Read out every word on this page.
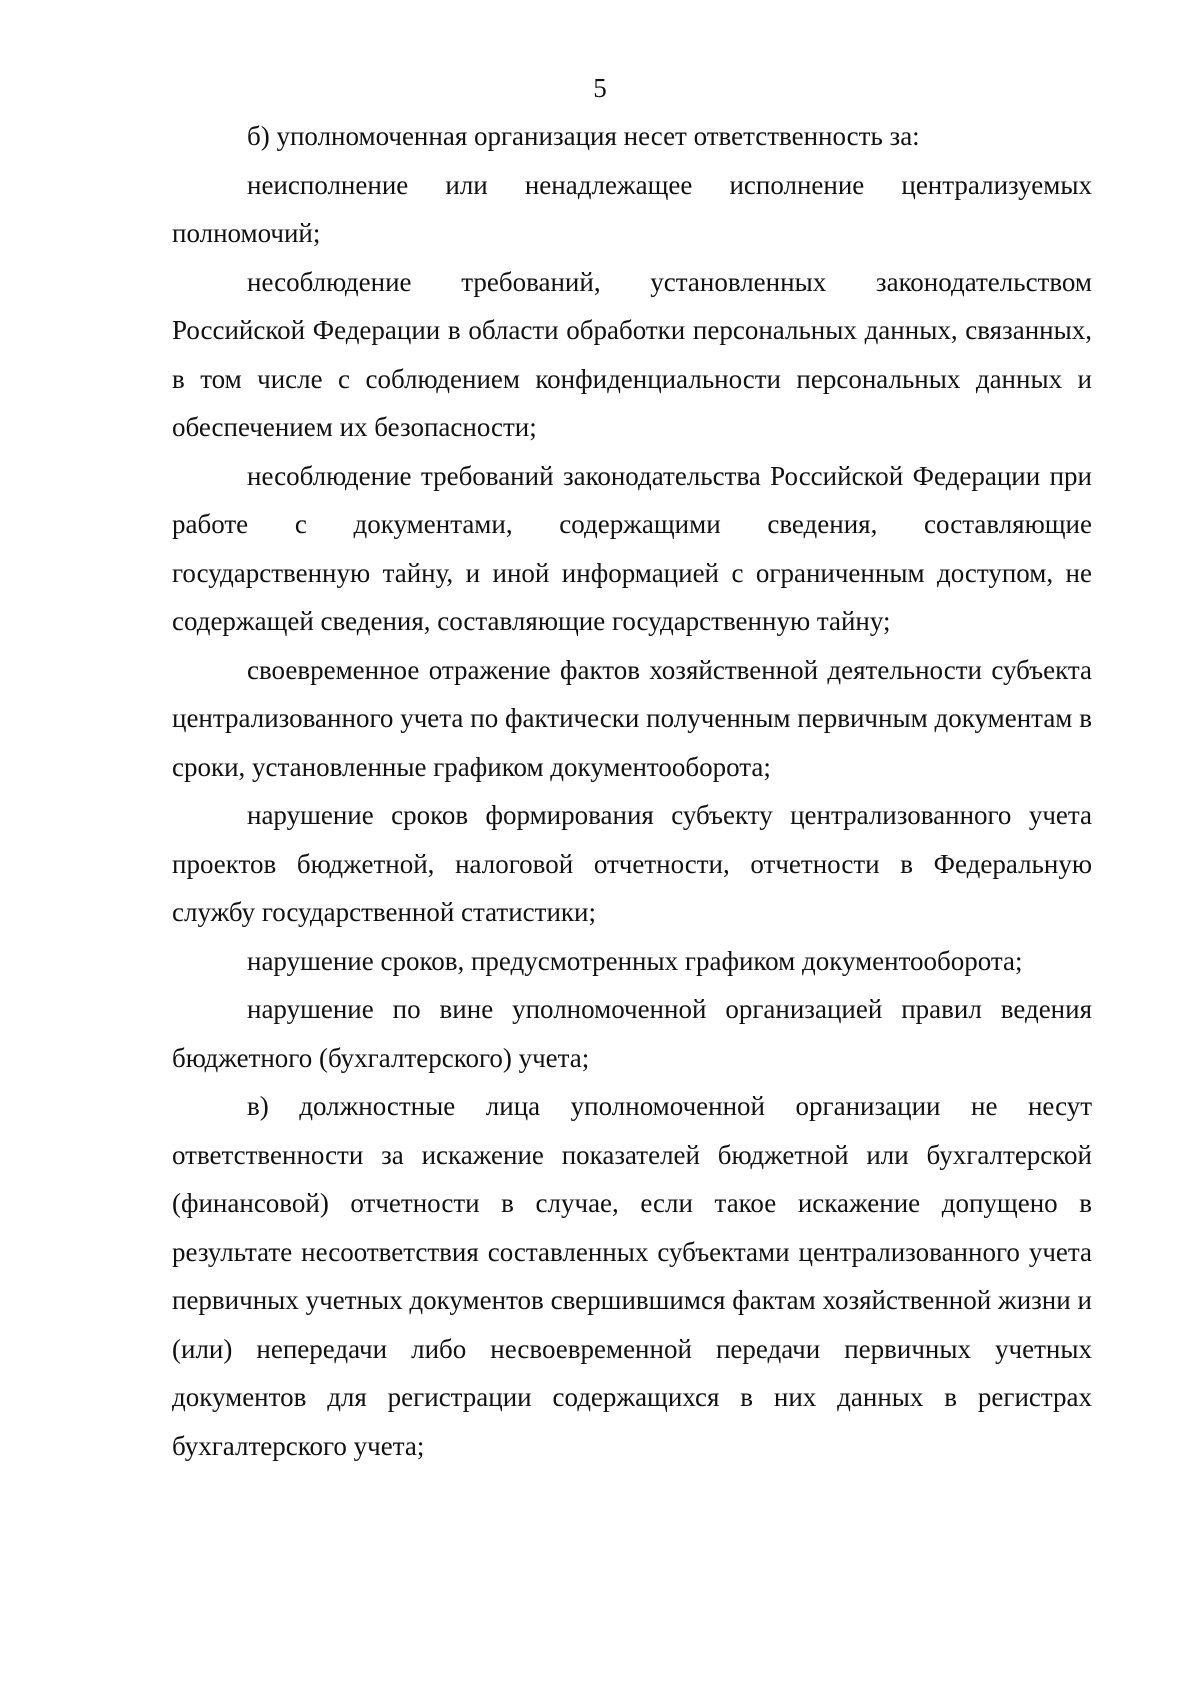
5

б) уполномоченная организация несет ответственность за:

неисполнение или ненадлежащее исполнение централизуемых полномочий;

несоблюдение требований, установленных законодательством Российской Федерации в области обработки персональных данных, связанных, в том числе с соблюдением конфиденциальности персональных данных и обеспечением их безопасности;

несоблюдение требований законодательства Российской Федерации при работе с документами, содержащими сведения, составляющие государственную тайну, и иной информацией с ограниченным доступом, не содержащей сведения, составляющие государственную тайну;

своевременное отражение фактов хозяйственной деятельности субъекта централизованного учета по фактически полученным первичным документам в сроки, установленные графиком документооборота;

нарушение сроков формирования субъекту централизованного учета проектов бюджетной, налоговой отчетности, отчетности в Федеральную службу государственной статистики;

нарушение сроков, предусмотренных графиком документооборота;

нарушение по вине уполномоченной организацией правил ведения бюджетного (бухгалтерского) учета;

в) должностные лица уполномоченной организации не несут ответственности за искажение показателей бюджетной или бухгалтерской (финансовой) отчетности в случае, если такое искажение допущено в результате несоответствия составленных субъектами централизованного учета первичных учетных документов свершившимся фактам хозяйственной жизни и (или) непередачи либо несвоевременной передачи первичных учетных документов для регистрации содержащихся в них данных в регистрах бухгалтерского учета;
